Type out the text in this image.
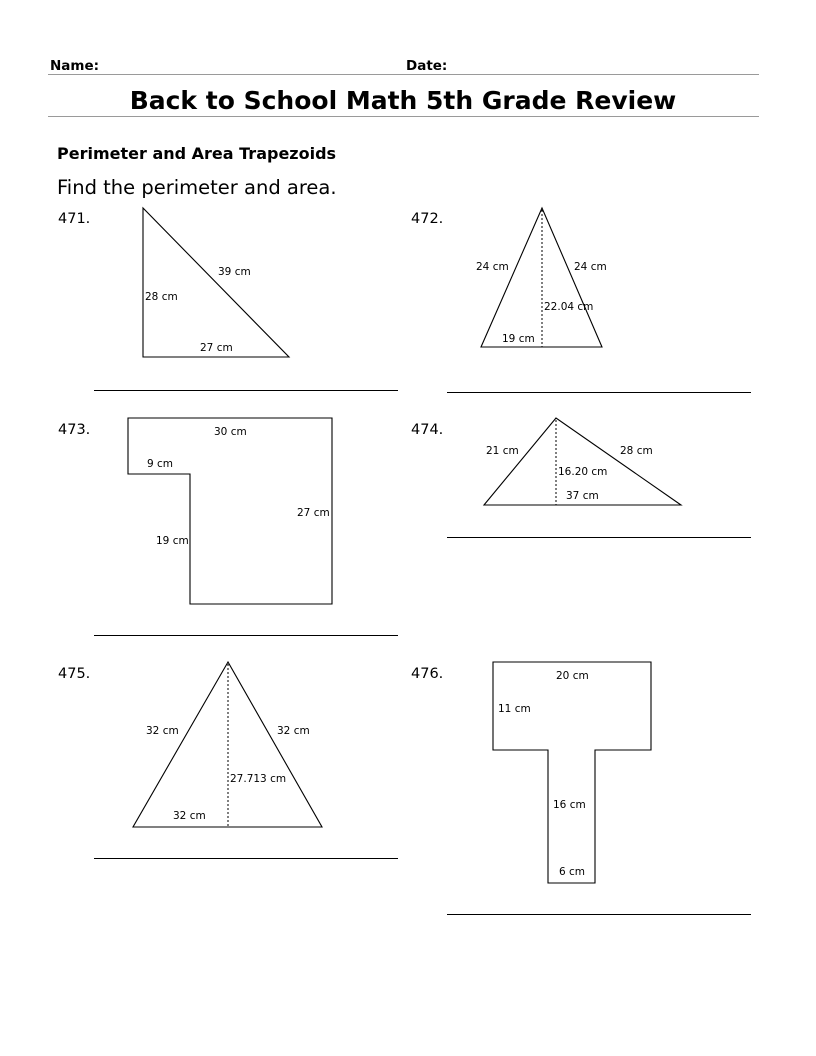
Name:	Date:
Back to School Math 5th Grade Review
Perimeter and Area Trapezoids
Find the perimeter and area.
471.	472.
473.	474.
475.	476.
39 cm
28 cm
27 cm
24 cm	24 cm
22.04 cm
19 cm
30 cm
9 cm
27 cm
19 cm
21 cm	28 cm
16.20 cm
37 cm
32 cm	32 cm
27.713 cm
32 cm
20 cm
11 cm
16 cm
6 cm
